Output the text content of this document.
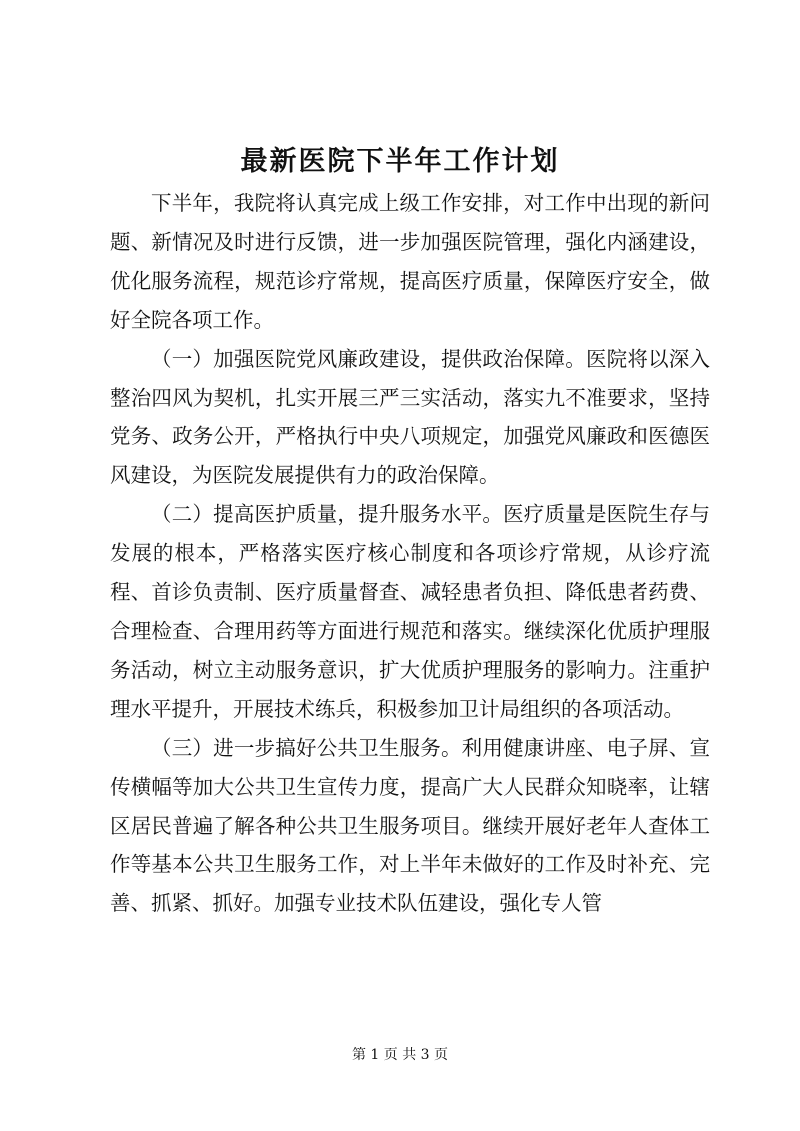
最新医院下半年工作计划

下半年，我院将认真完成上级工作安排，对工作中出现的新问题、新情况及时进行反馈，进一步加强医院管理，强化内涵建设，优化服务流程，规范诊疗常规，提高医疗质量，保障医疗安全，做好全院各项工作。

（一）加强医院党风廉政建设，提供政治保障。医院将以深入整治四风为契机，扎实开展三严三实活动，落实九不准要求，坚持党务、政务公开，严格执行中央八项规定，加强党风廉政和医德医风建设，为医院发展提供有力的政治保障。

（二）提高医护质量，提升服务水平。医疗质量是医院生存与发展的根本，严格落实医疗核心制度和各项诊疗常规，从诊疗流程、首诊负责制、医疗质量督查、减轻患者负担、降低患者药费、合理检查、合理用药等方面进行规范和落实。继续深化优质护理服务活动，树立主动服务意识，扩大优质护理服务的影响力。注重护理水平提升，开展技术练兵，积极参加卫计局组织的各项活动。

（三）进一步搞好公共卫生服务。利用健康讲座、电子屏、宣传横幅等加大公共卫生宣传力度，提高广大人民群众知晓率，让辖区居民普遍了解各种公共卫生服务项目。继续开展好老年人查体工作等基本公共卫生服务工作，对上半年未做好的工作及时补充、完善、抓紧、抓好。加强专业技术队伍建设，强化专人管

第 1 页 共 3 页
